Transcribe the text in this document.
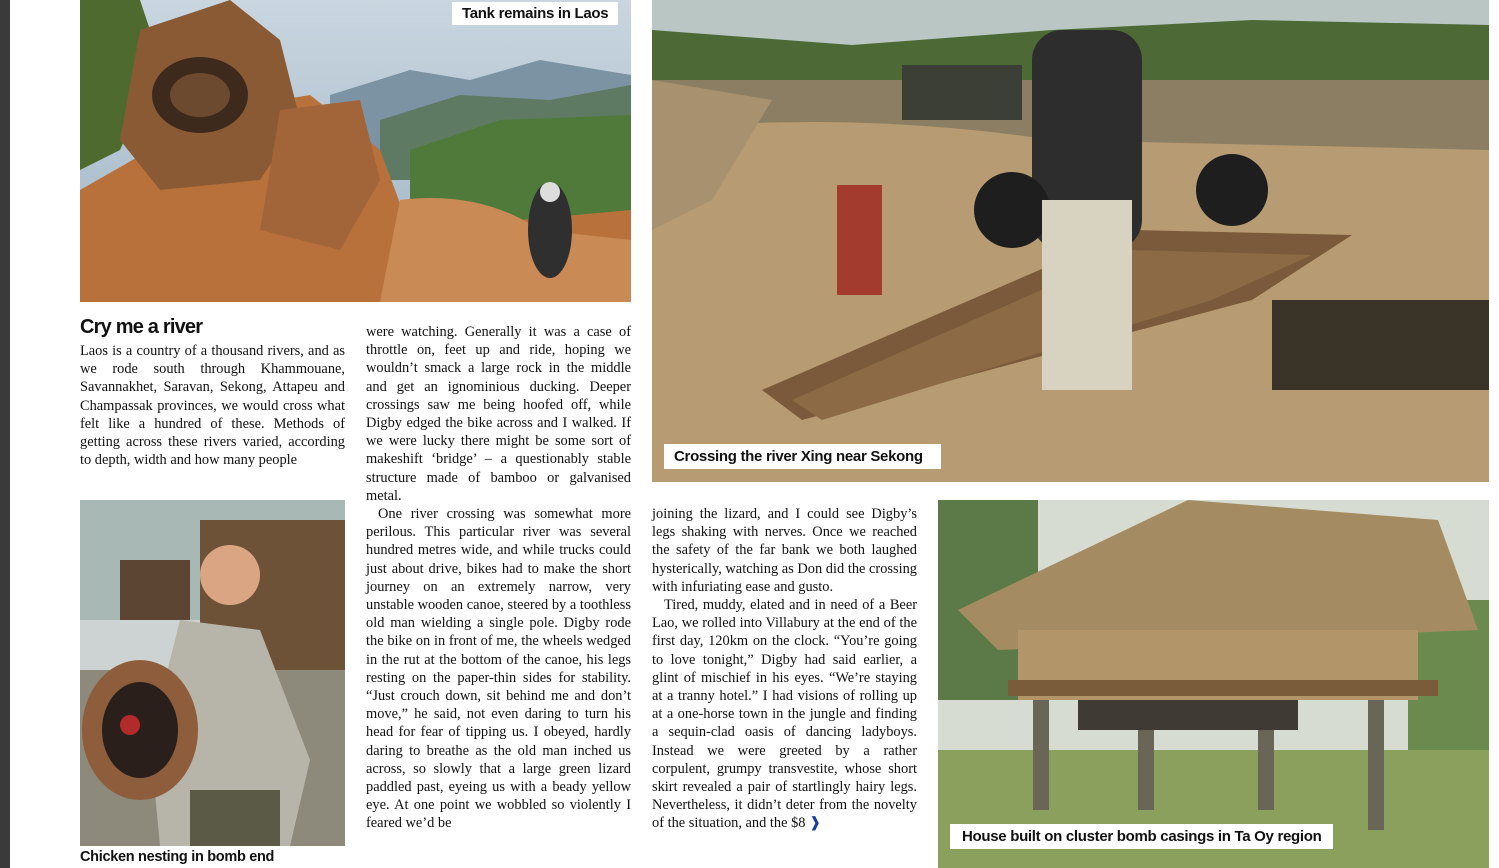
Tank remains in Laos
Crossing the river Xing near Sekong
Chicken nesting in bomb end
House built on cluster bomb casings in Ta Oy region
Cry me a river

Laos is a country of a thousand rivers, and as we rode south through Khammouane, Savannakhet, Saravan, Sekong, Attapeu and Champassak provinces, we would cross what felt like a hundred of these. Methods of getting across these rivers varied, according to depth, width and how many people

were watching. Generally it was a case of throttle on, feet up and ride, hoping we wouldn’t smack a large rock in the middle and get an ignominious ducking. Deeper crossings saw me being hoofed off, while Digby edged the bike across and I walked. If we were lucky there might be some sort of makeshift ‘bridge’ – a questionably stable structure made of bamboo or galvanised metal.

One river crossing was somewhat more perilous. This particular river was several hundred metres wide, and while trucks could just about drive, bikes had to make the short journey on an extremely narrow, very unstable wooden canoe, steered by a toothless old man wielding a single pole. Digby rode the bike on in front of me, the wheels wedged in the rut at the bottom of the canoe, his legs resting on the paper-thin sides for stability. “Just crouch down, sit behind me and don’t move,” he said, not even daring to turn his head for fear of tipping us. I obeyed, hardly daring to breathe as the old man inched us across, so slowly that a large green lizard paddled past, eyeing us with a beady yellow eye. At one point we wobbled so violently I feared we’d be

joining the lizard, and I could see Digby’s legs shaking with nerves. Once we reached the safety of the far bank we both laughed hysterically, watching as Don did the crossing with infuriating ease and gusto.

Tired, muddy, elated and in need of a Beer Lao, we rolled into Villabury at the end of the first day, 120km on the clock. “You’re going to love tonight,” Digby had said earlier, a glint of mischief in his eyes. “We’re staying at a tranny hotel.” I had visions of rolling up at a one-horse town in the jungle and finding a sequin-clad oasis of dancing ladyboys. Instead we were greeted by a rather corpulent, grumpy transvestite, whose short skirt revealed a pair of startlingly hairy legs. Nevertheless, it didn’t deter from the novelty of the situation, and the $8 ❱
